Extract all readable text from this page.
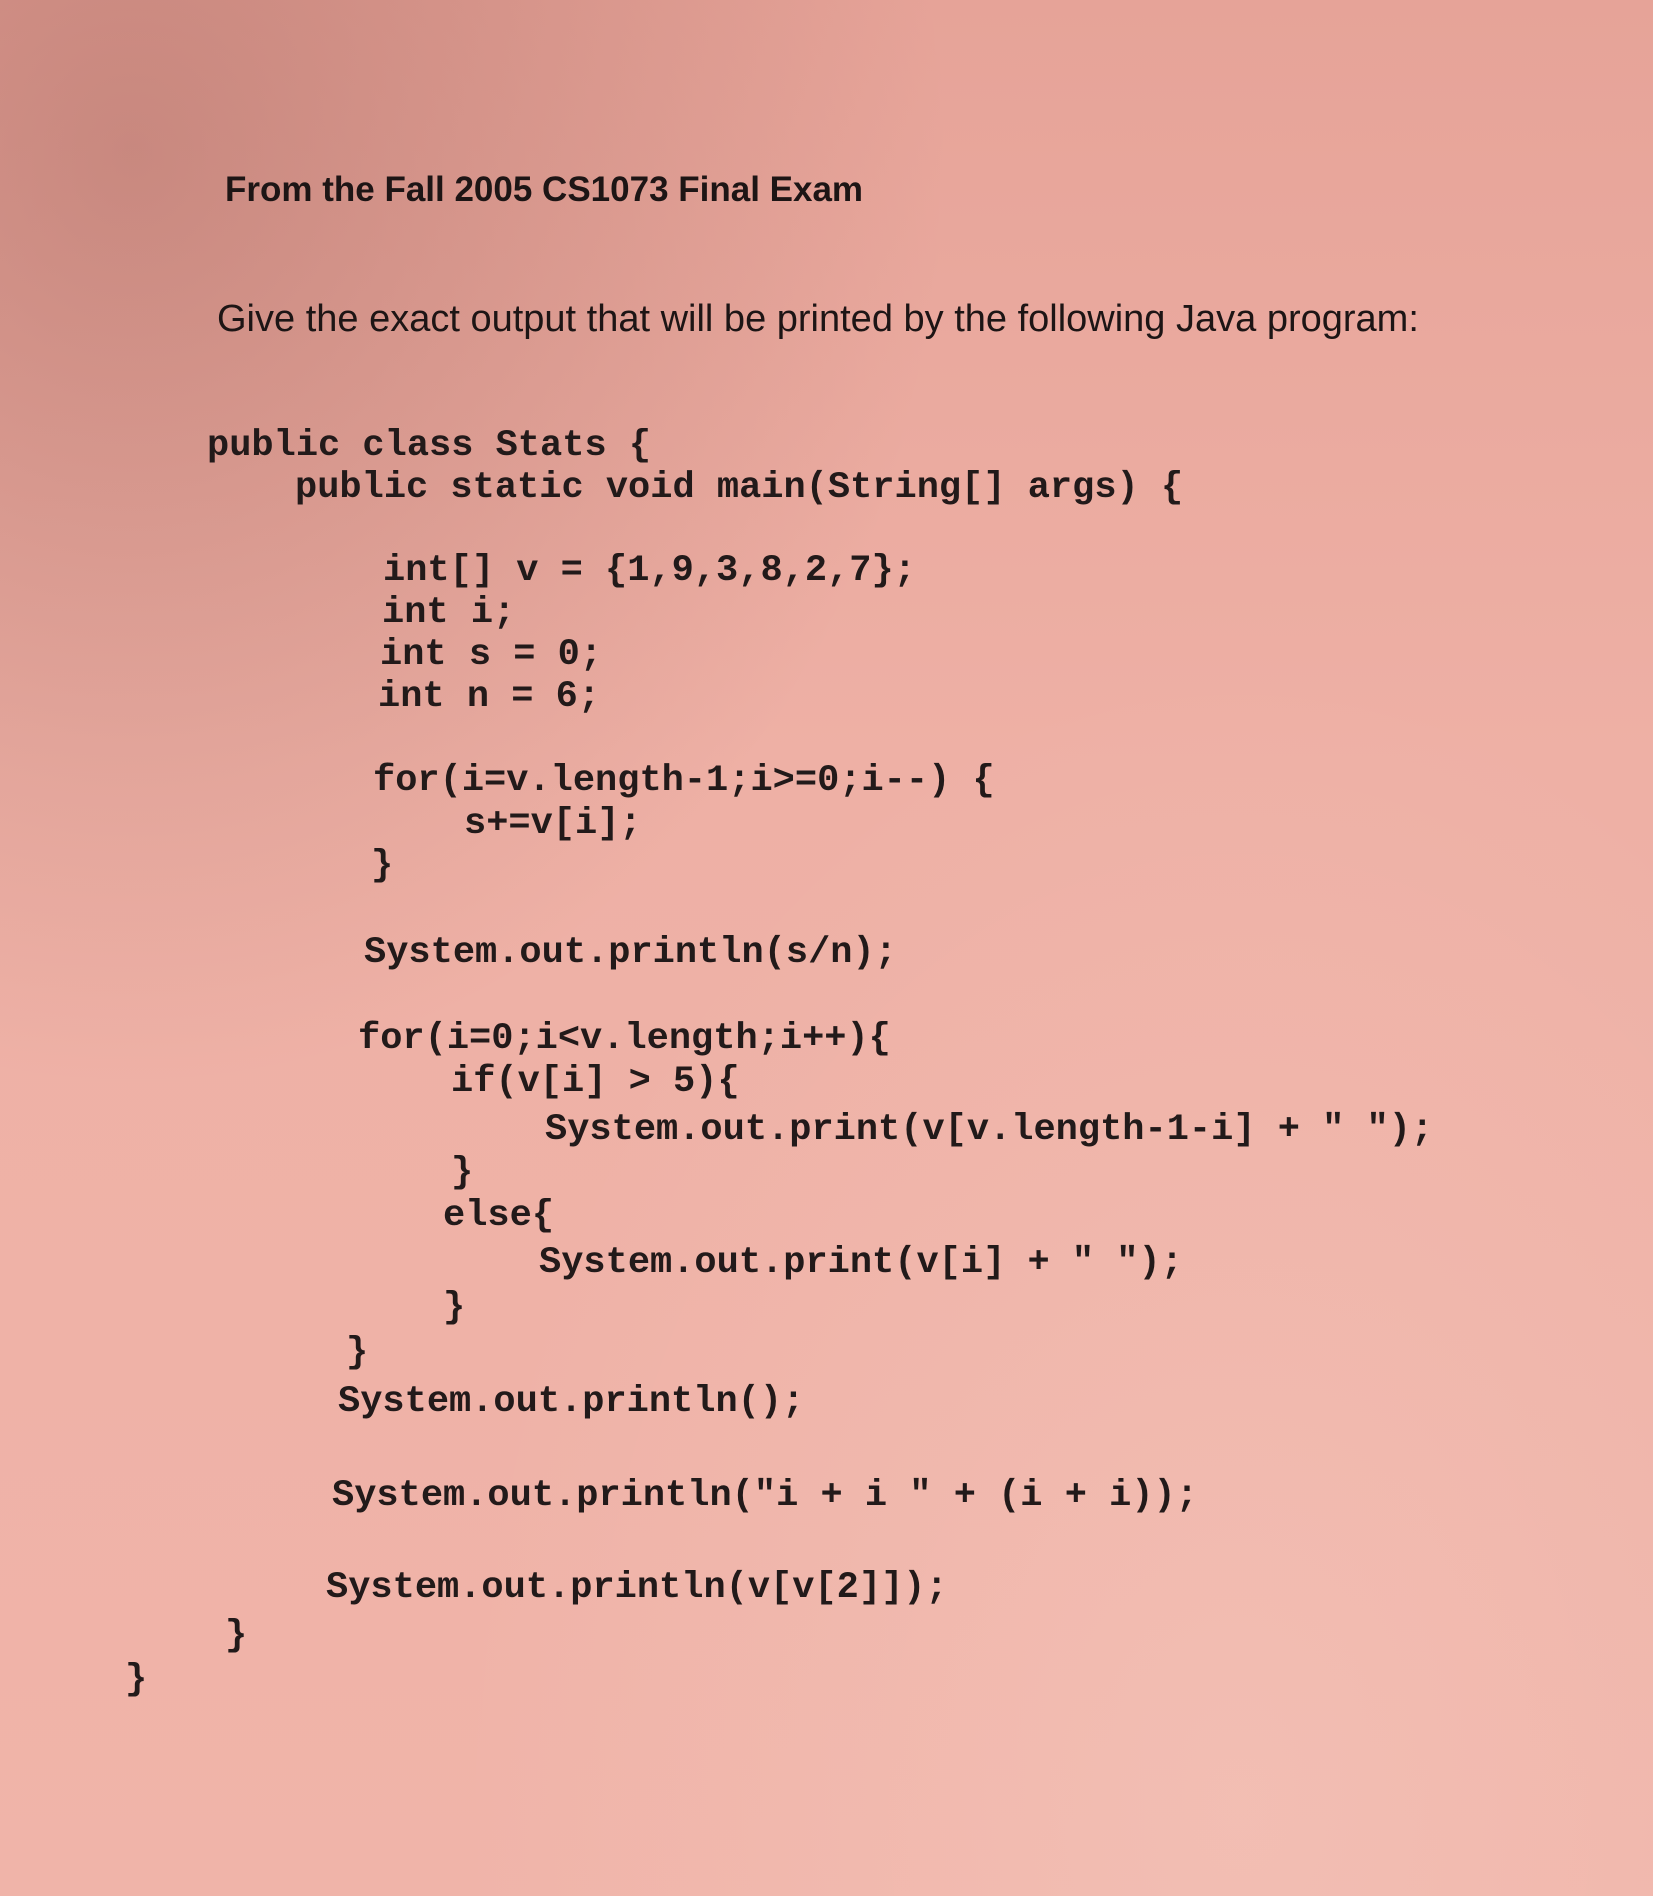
From the Fall 2005 CS1073 Final Exam
Give the exact output that will be printed by the following Java program:
public class Stats {
public static void main(String[] args) {
int[] v = {1,9,3,8,2,7};
int i;
int s = 0;
int n = 6;
for(i=v.length-1;i>=0;i--) {
s+=v[i];
}
System.out.println(s/n);
for(i=0;i<v.length;i++){
if(v[i] > 5){
System.out.print(v[v.length-1-i] + " ");
}
else{
System.out.print(v[i] + " ");
}
}
System.out.println();
System.out.println("i + i " + (i + i));
System.out.println(v[v[2]]);
}
}
